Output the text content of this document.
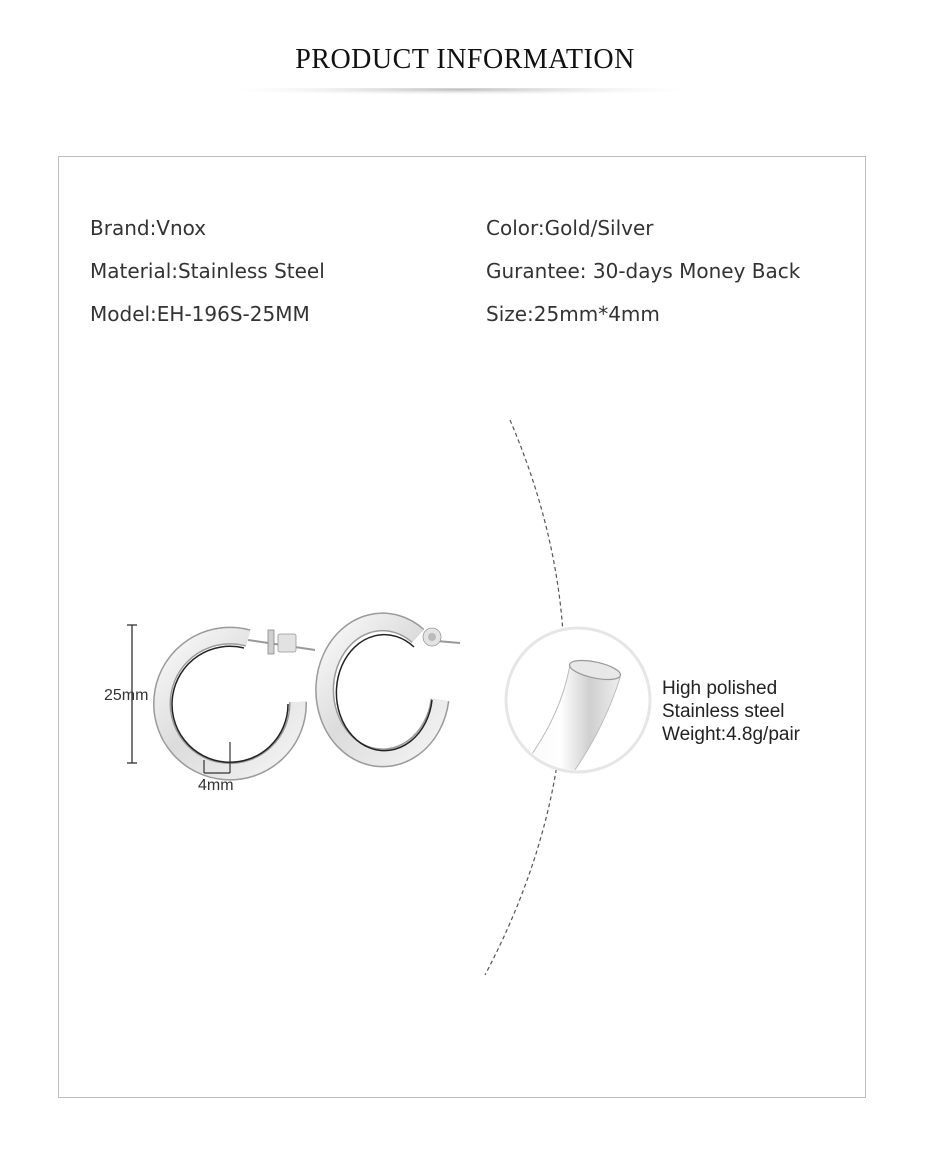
PRODUCT INFORMATION
Brand:Vnox
Material:Stainless Steel
Model:EH-196S-25MM
Color:Gold/Silver
Gurantee: 30-days Money Back
Size:25mm*4mm
25mm
4mm
High polished
Stainless steel
Weight:4.8g/pair
